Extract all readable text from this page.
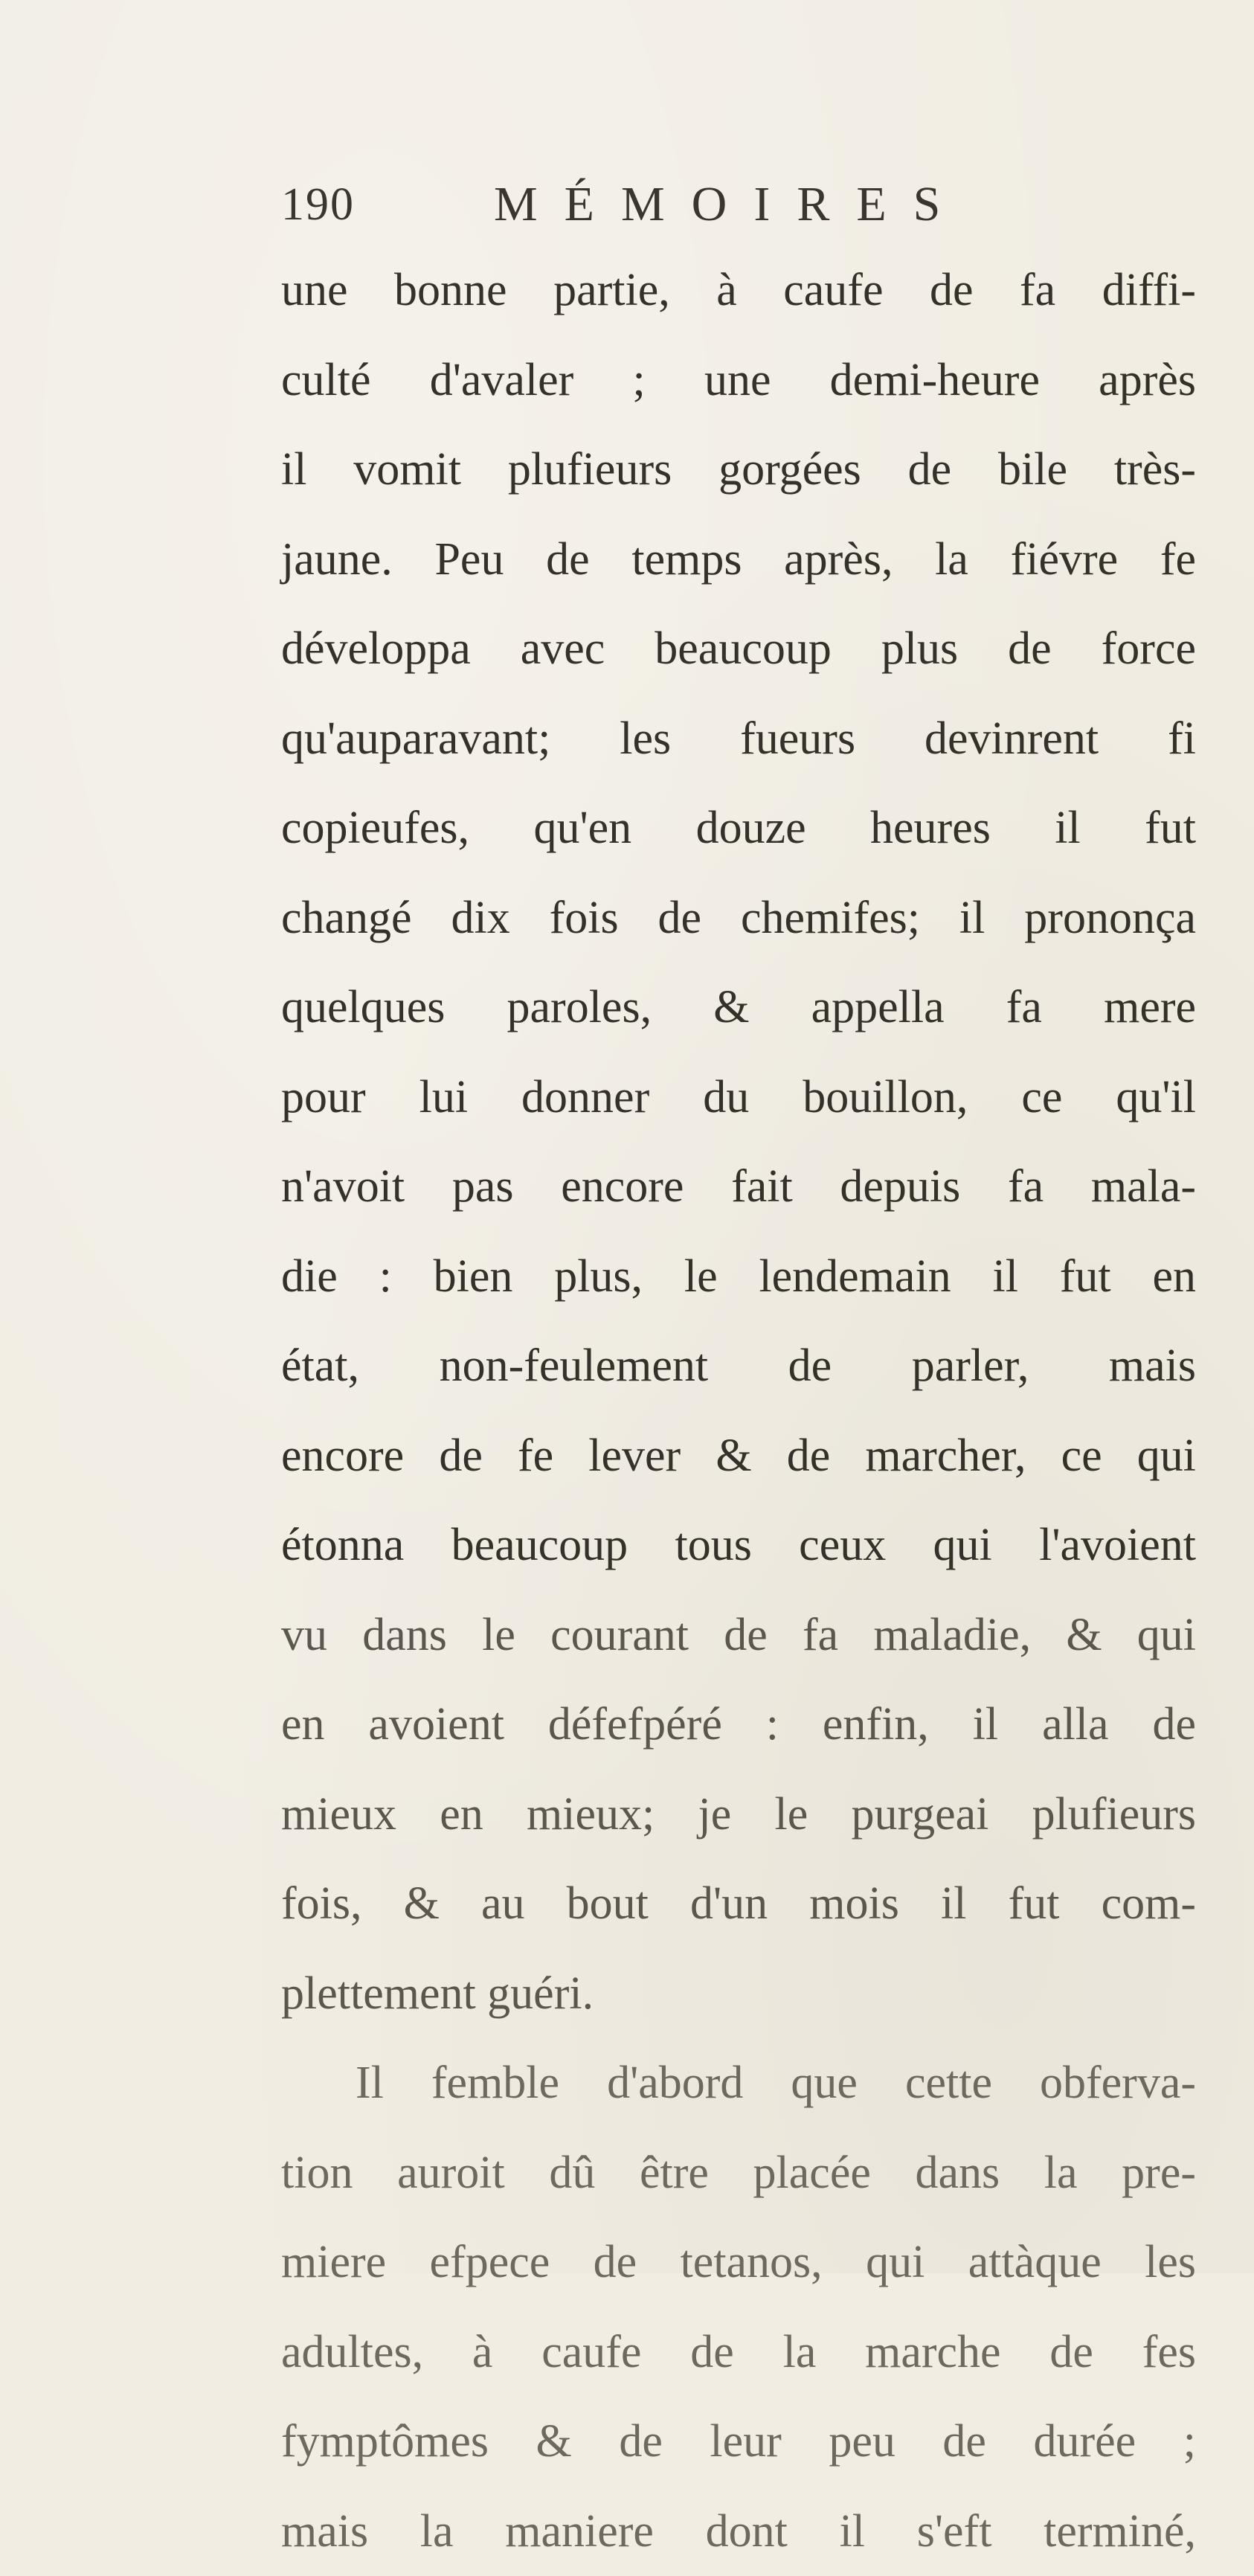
190	MÉMOIRES
une bonne partie, à caufe de fa diffi-
culté d'avaler ; une demi-heure après
il vomit plufieurs gorgées de bile très-
jaune. Peu de temps après, la fiévre fe
développa avec beaucoup plus de force
qu'auparavant; les fueurs devinrent fi
copieufes, qu'en douze heures il fut
changé dix fois de chemifes; il prononça
quelques paroles, & appella fa mere
pour lui donner du bouillon, ce qu'il
n'avoit pas encore fait depuis fa mala-
die : bien plus, le lendemain il fut en
état, non-feulement de parler, mais
encore de fe lever & de marcher, ce qui
étonna beaucoup tous ceux qui l'avoient
vu dans le courant de fa maladie, & qui
en avoient défefpéré : enfin, il alla de
mieux en mieux; je le purgeai plufieurs
fois, & au bout d'un mois il fut com-
plettement guéri.
Il femble d'abord que cette obferva-
tion auroit dû être placée dans la pre-
miere efpece de tetanos, qui attàque les
adultes, à caufe de la marche de fes
fymptômes & de leur peu de durée ;
mais la maniere dont il s'eft terminé,
